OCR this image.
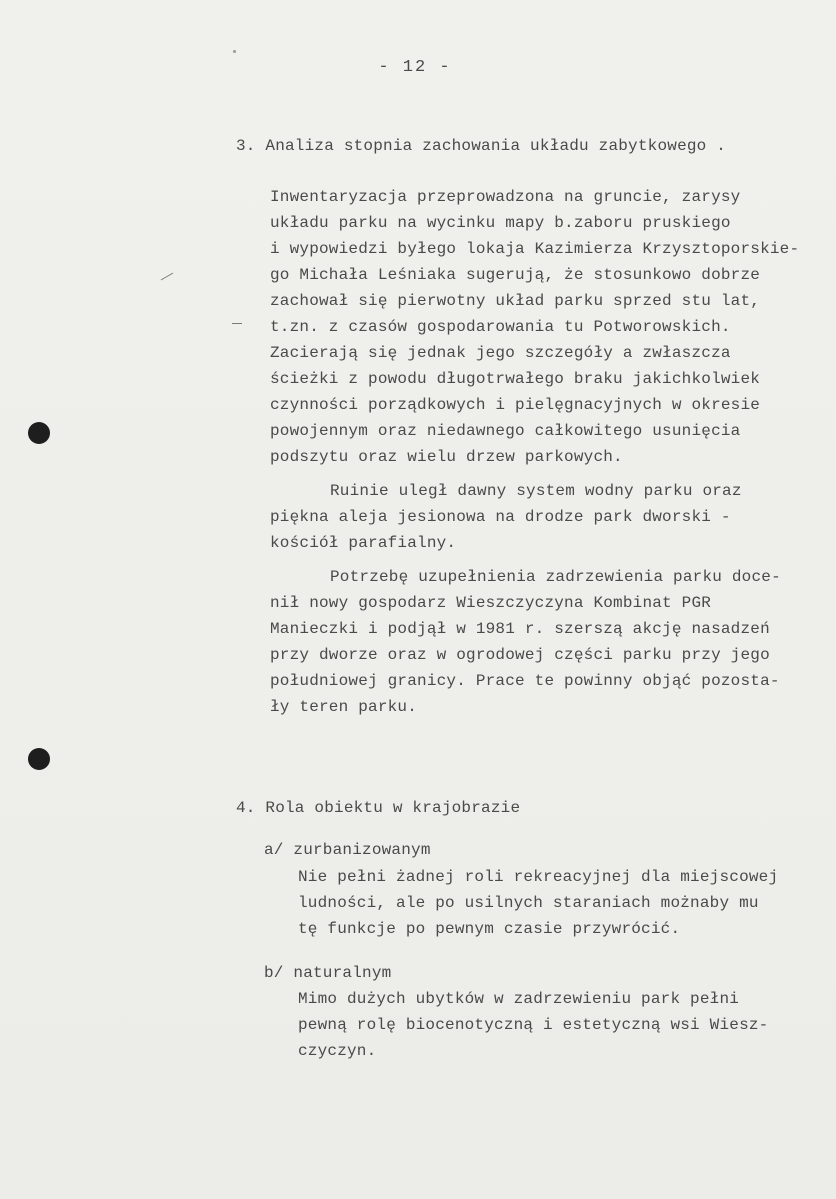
- 12 -
3. Analiza stopnia zachowania układu zabytkowego .
Inwentaryzacja przeprowadzona na gruncie, zarysy
układu parku na wycinku mapy b.zaboru pruskiego
i wypowiedzi byłego lokaja Kazimierza Krzysztoporskie-
go Michała Leśniaka sugerują, że stosunkowo dobrze
zachował się pierwotny układ parku sprzed stu lat,
t.zn. z czasów gospodarowania tu Potworowskich.
Zacierają się jednak jego szczegóły a zwłaszcza
ścieżki z powodu długotrwałego braku jakichkolwiek
czynności porządkowych i pielęgnacyjnych w okresie
powojennym oraz niedawnego całkowitego usunięcia
podszytu oraz wielu drzew parkowych.
Ruinie uległ dawny system wodny parku oraz
piękna aleja jesionowa na drodze park dworski -
kościół parafialny.
Potrzebę uzupełnienia zadrzewienia parku doce-
nił nowy gospodarz Wieszczyczyna Kombinat PGR
Manieczki i podjął w 1981 r. szerszą akcję nasadzeń
przy dworze oraz w ogrodowej części parku przy jego
południowej granicy. Prace te powinny objąć pozosta-
ły teren parku.
4. Rola obiektu w krajobrazie
a/ zurbanizowanym
Nie pełni żadnej roli rekreacyjnej dla miejscowej
ludności, ale po usilnych staraniach możnaby mu
tę funkcje po pewnym czasie przywrócić.
b/ naturalnym
Mimo dużych ubytków w zadrzewieniu park pełni
pewną rolę biocenotyczną i estetyczną wsi Wiesz-
czyczyn.
